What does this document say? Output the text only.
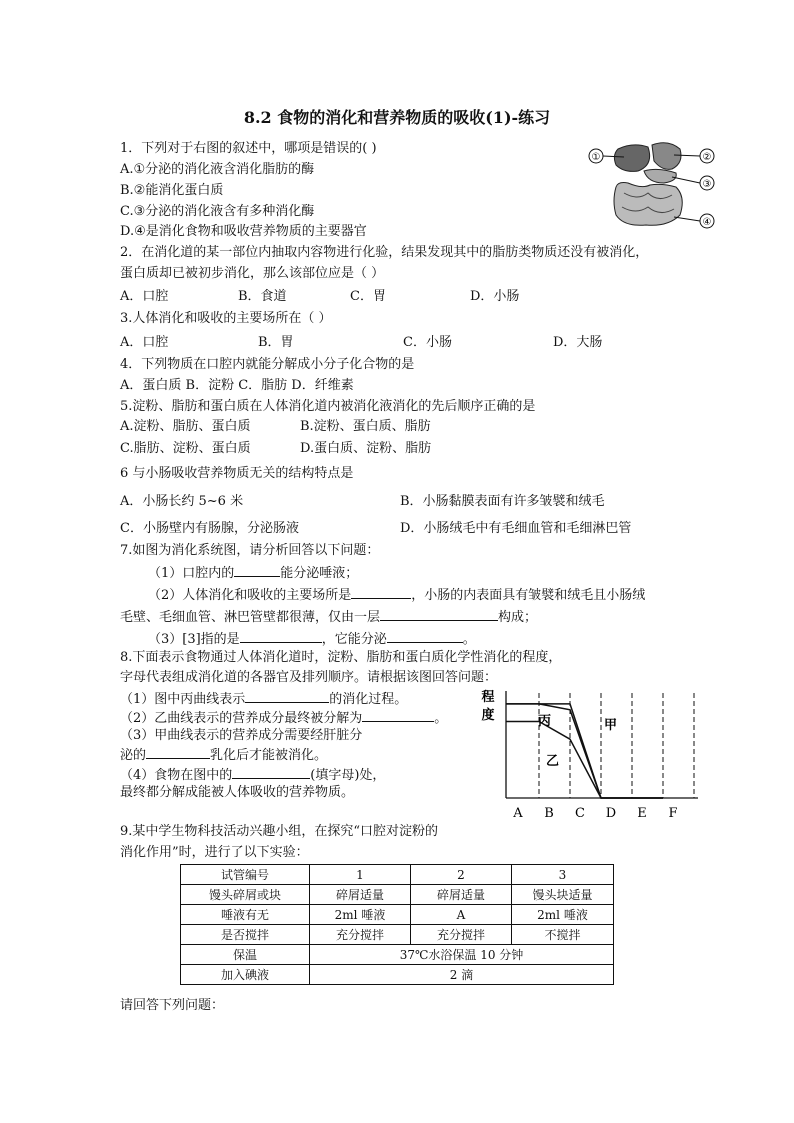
8.2 食物的消化和营养物质的吸收(1)-练习
1．下列对于右图的叙述中，哪项是错误的( )
A.①分泌的消化液含消化脂肪的酶
B.②能消化蛋白质
C.③分泌的消化液含有多种消化酶
D.④是消化食物和吸收营养物质的主要器官
①	②
③
④
2．在消化道的某一部位内抽取内容物进行化验，结果发现其中的脂肪类物质还没有被消化，
蛋白质却已被初步消化，那么该部位应是（ ）
A．口腔	B．食道	C．胃	D．小肠
3.人体消化和吸收的主要场所在（ ）
A．口腔	B．胃	C．小肠	D．大肠
4．下列物质在口腔内就能分解成小分子化合物的是
A．蛋白质 B．淀粉 C．脂肪 D．纤维素
5.淀粉、脂肪和蛋白质在人体消化道内被消化液消化的先后顺序正确的是
A.淀粉、脂肪、蛋白质	B.淀粉、蛋白质、脂肪
C.脂肪、淀粉、蛋白质	D.蛋白质、淀粉、脂肪
6 与小肠吸收营养物质无关的结构特点是
A．小肠长约 5~6 米	B．小肠黏膜表面有许多皱襞和绒毛
C．小肠壁内有肠腺，分泌肠液	D．小肠绒毛中有毛细血管和毛细淋巴管
7.如图为消化系统图，请分析回答以下问题：
（1）口腔内的	能分泌唾液；
（2）人体消化和吸收的主要场所是	，小肠的内表面具有皱襞和绒毛且小肠绒
毛壁、毛细血管、淋巴管壁都很薄，仅由一层	构成；
（3）[3]指的是	，它能分泌	。
8.下面表示食物通过人体消化道时，淀粉、脂肪和蛋白质化学性消化的程度，
字母代表组成消化道的各器官及排列顺序。请根据该图回答问题：
（1）图中丙曲线表示	的消化过程。
（2）乙曲线表示的营养成分最终被分解为	。
（3）甲曲线表示的营养成分需要经肝脏分
泌的	乳化后才能被消化。
（4）食物在图中的	(填字母)处，
最终都分解成能被人体吸收的营养物质。
程
度	丙	甲
乙
A B C D E F
9.某中学生物科技活动兴趣小组，在探究“口腔对淀粉的
消化作用”时，进行了以下实验：
试管编号	1	2	3
馒头碎屑或块	碎屑适量	碎屑适量	馒头块适量
唾液有无	2ml 唾液	A	2ml 唾液
是否搅拌	充分搅拌	充分搅拌	不搅拌
保温	37℃水浴保温 10 分钟		
加入碘液	2 滴		
请回答下列问题：
